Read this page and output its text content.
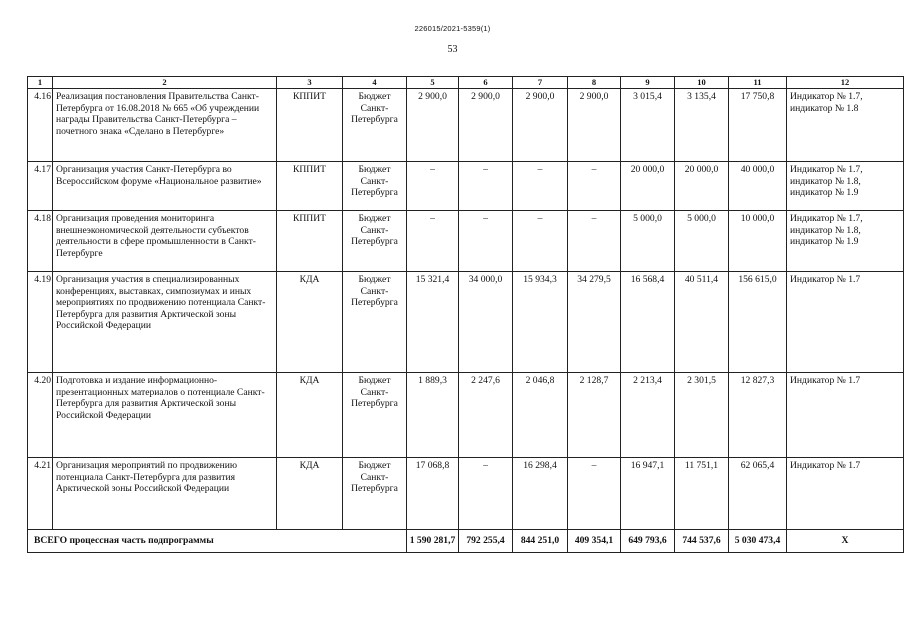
226015/2021-5359(1)
53
1	2	3	4	5	6	7	8	9	10	11	12
4.16	Реализация постановления Правительства Санкт-Петербурга от 16.08.2018 № 665 «Об учреждении награды Правительства Санкт-Петербурга – почетного знака «Сделано в Петербурге»	КППИТ	Бюджет Санкт-Петербурга	2 900,0	2 900,0	2 900,0	2 900,0	3 015,4	3 135,4	17 750,8	Индикатор № 1.7, индикатор № 1.8
4.17	Организация участия Санкт-Петербурга во Всероссийском форуме «Национальное развитие»	КППИТ	Бюджет Санкт-Петербурга	–	–	–	–	20 000,0	20 000,0	40 000,0	Индикатор № 1.7, индикатор № 1.8, индикатор № 1.9
4.18	Организация проведения мониторинга внешнеэкономической деятельности субъектов деятельности в сфере промышленности в Санкт-Петербурге	КППИТ	Бюджет Санкт-Петербурга	–	–	–	–	5 000,0	5 000,0	10 000,0	Индикатор № 1.7, индикатор № 1.8, индикатор № 1.9
4.19	Организация участия в специализированных конференциях, выставках, симпозиумах и иных мероприятиях по продвижению потенциала Санкт-Петербурга для развития Арктической зоны Российской Федерации	КДА	Бюджет Санкт-Петербурга	15 321,4	34 000,0	15 934,3	34 279,5	16 568,4	40 511,4	156 615,0	Индикатор № 1.7
4.20	Подготовка и издание информационно-презентационных материалов о потенциале Санкт-Петербурга для развития Арктической зоны Российской Федерации	КДА	Бюджет Санкт-Петербурга	1 889,3	2 247,6	2 046,8	2 128,7	2 213,4	2 301,5	12 827,3	Индикатор № 1.7
4.21	Организация мероприятий по продвижению потенциала Санкт-Петербурга для развития Арктической зоны Российской Федерации	КДА	Бюджет Санкт-Петербурга	17 068,8	–	16 298,4	–	16 947,1	11 751,1	62 065,4	Индикатор № 1.7
ВСЕГО процессная часть подпрограммы				1 590 281,7	792 255,4	844 251,0	409 354,1	649 793,6	744 537,6	5 030 473,4	Х
